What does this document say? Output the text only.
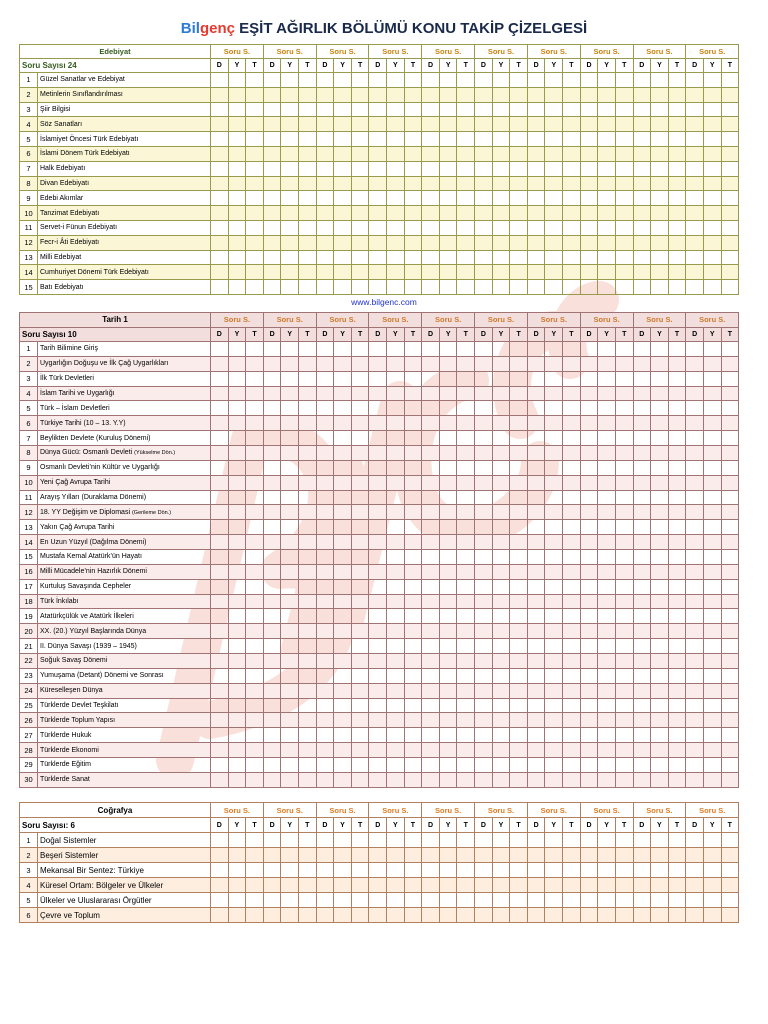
Bilgenç EŞİT AĞIRLIK BÖLÜMÜ KONU TAKİP ÇİZELGESİ
Edebiyat		Soru S.			Soru S.			Soru S.			Soru S.			Soru S.			Soru S.			Soru S.			Soru S.			Soru S.			Soru S.		
Soru Sayısı 24		D	Y	T	D	Y	T	D	Y	T	D	Y	T	D	Y	T	D	Y	T	D	Y	T	D	Y	T	D	Y	T	D	Y	T
1	Güzel Sanatlar ve Edebiyat																														
2	Metinlerin Sınıflandırılması																														
3	Şiir Bilgisi																														
4	Söz Sanatları																														
5	İslamiyet Öncesi Türk Edebiyatı																														
6	İslami Dönem Türk Edebiyatı																														
7	Halk Edebiyatı																														
8	Divan Edebiyatı																														
9	Edebi Akımlar																														
10	Tanzimat Edebiyatı																														
11	Servet-i Fünun Edebiyatı																														
12	Fecr-i Âti Edebiyatı																														
13	Milli Edebiyat																														
14	Cumhuriyet Dönemi Türk Edebiyatı																														
15	Batı Edebiyatı																														
www.bilgenc.com
Tarih 1		Soru S.			Soru S.			Soru S.			Soru S.			Soru S.			Soru S.			Soru S.			Soru S.			Soru S.			Soru S.		
Soru Sayısı 10		D	Y	T	D	Y	T	D	Y	T	D	Y	T	D	Y	T	D	Y	T	D	Y	T	D	Y	T	D	Y	T	D	Y	T
1	Tarih Bilimine Giriş																														
2	Uygarlığın Doğuşu ve İlk Çağ Uygarlıkları																														
3	İlk Türk Devletleri																														
4	İslam Tarihi ve Uygarlığı																														
5	Türk – İslam Devletleri																														
6	Türkiye Tarihi (10 – 13. Y.Y)																														
7	Beylikten Devlete (Kuruluş Dönemi)																														
8	Dünya Gücü: Osmanlı Devleti (Yükselme Dön.)																														
9	Osmanlı Devleti’nin Kültür ve Uygarlığı																														
10	Yeni Çağ Avrupa Tarihi																														
11	Arayış Yılları (Duraklama Dönemi)																														
12	18. YY Değişim ve Diplomasi (Gerileme Dön.)																														
13	Yakın Çağ Avrupa Tarihi																														
14	En Uzun Yüzyıl (Dağılma Dönemi)																														
15	Mustafa Kemal Atatürk’ün Hayatı																														
16	Milli Mücadele’nin Hazırlık Dönemi																														
17	Kurtuluş Savaşında Cepheler																														
18	Türk İnkılabı																														
19	Atatürkçülük ve Atatürk İlkeleri																														
20	XX. (20.) Yüzyıl Başlarında Dünya																														
21	II. Dünya Savaşı (1939 – 1945)																														
22	Soğuk Savaş Dönemi																														
23	Yumuşama (Detant) Dönemi ve Sonrası																														
24	Küreselleşen Dünya																														
25	Türklerde Devlet Teşkilatı																														
26	Türklerde Toplum Yapısı																														
27	Türklerde Hukuk																														
28	Türklerde Ekonomi																														
29	Türklerde Eğitim																														
30	Türklerde Sanat																														
Coğrafya		Soru S.			Soru S.			Soru S.			Soru S.			Soru S.			Soru S.			Soru S.			Soru S.			Soru S.			Soru S.		
Soru Sayısı: 6		D	Y	T	D	Y	T	D	Y	T	D	Y	T	D	Y	T	D	Y	T	D	Y	T	D	Y	T	D	Y	T	D	Y	T
1	Doğal Sistemler																														
2	Beşeri Sistemler																														
3	Mekansal Bir Sentez: Türkiye																														
4	Küresel Ortam: Bölgeler ve Ülkeler																														
5	Ülkeler ve Uluslararası Örgütler																														
6	Çevre ve Toplum																														
